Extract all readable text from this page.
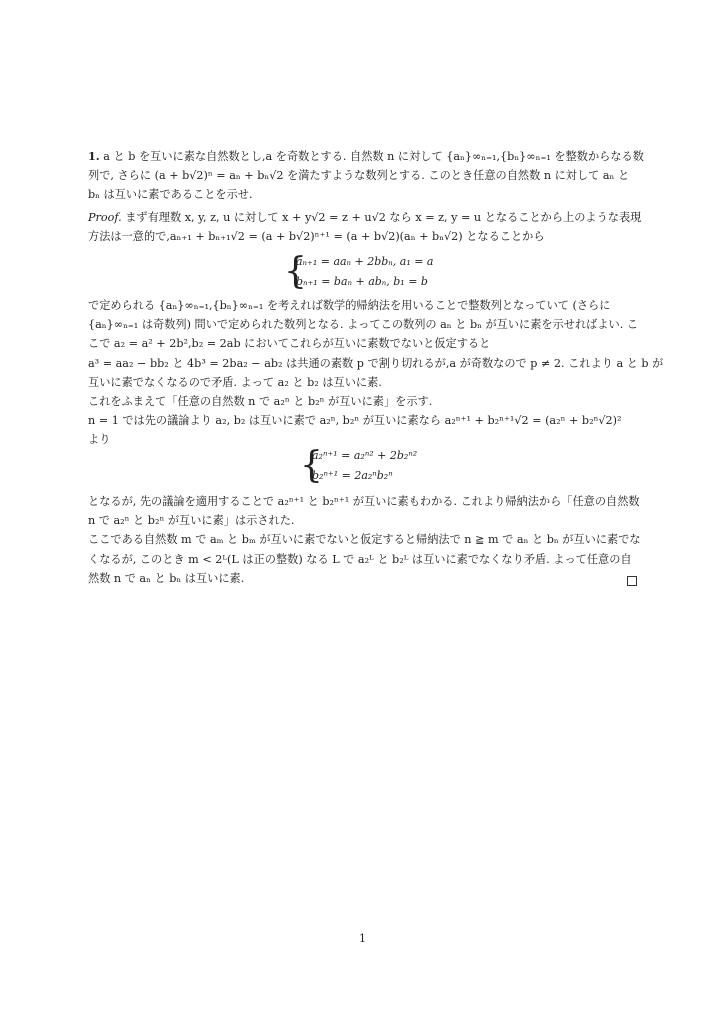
1. a と b を互いに素な自然数とし,a を奇数とする. 自然数 n に対して {aₙ}∞ₙ₌₁,{bₙ}∞ₙ₌₁ を整数からなる数
列で, さらに (a + b√2)ⁿ = aₙ + bₙ√2 を満たすような数列とする. このとき任意の自然数 n に対して aₙ と
bₙ は互いに素であることを示せ.
Proof. まず有理数 x, y, z, u に対して x + y√2 = z + u√2 なら x = z, y = u となることから上のような表現
方法は一意的で,aₙ₊₁ + bₙ₊₁√2 = (a + b√2)ⁿ⁺¹ = (a + b√2)(aₙ + bₙ√2) となることから
{
aₙ₊₁ = aaₙ + 2bbₙ, a₁ = a
bₙ₊₁ = baₙ + abₙ, b₁ = b
で定められる {aₙ}∞ₙ₌₁,{bₙ}∞ₙ₌₁ を考えれば数学的帰納法を用いることで整数列となっていて (さらに
{aₙ}∞ₙ₌₁ は奇数列) 問いで定められた数列となる. よってこの数列の aₙ と bₙ が互いに素を示せればよい. こ
こで a₂ = a² + 2b²,b₂ = 2ab においてこれらが互いに素数でないと仮定すると
a³ = aa₂ − bb₂ と 4b³ = 2ba₂ − ab₂ は共通の素数 p で割り切れるが,a が奇数なので p ≠ 2. これより a と b が
互いに素でなくなるので矛盾. よって a₂ と b₂ は互いに素.
これをふまえて「任意の自然数 n で a₂ⁿ と b₂ⁿ が互いに素」を示す.
n = 1 では先の議論より a₂, b₂ は互いに素で a₂ⁿ, b₂ⁿ が互いに素なら a₂ⁿ⁺¹ + b₂ⁿ⁺¹√2 = (a₂ⁿ + b₂ⁿ√2)²
より
{
a₂ⁿ⁺¹ = a₂ⁿ² + 2b₂ⁿ²
b₂ⁿ⁺¹ = 2a₂ⁿb₂ⁿ
となるが, 先の議論を適用することで a₂ⁿ⁺¹ と b₂ⁿ⁺¹ が互いに素もわかる. これより帰納法から「任意の自然数
n で a₂ⁿ と b₂ⁿ が互いに素」は示された.
ここである自然数 m で aₘ と bₘ が互いに素でないと仮定すると帰納法で n ≧ m で aₙ と bₙ が互いに素でな
くなるが, このとき m < 2ᴸ(L は正の整数) なる L で a₂ᴸ と b₂ᴸ は互いに素でなくなり矛盾. よって任意の自
然数 n で aₙ と bₙ は互いに素.
1
